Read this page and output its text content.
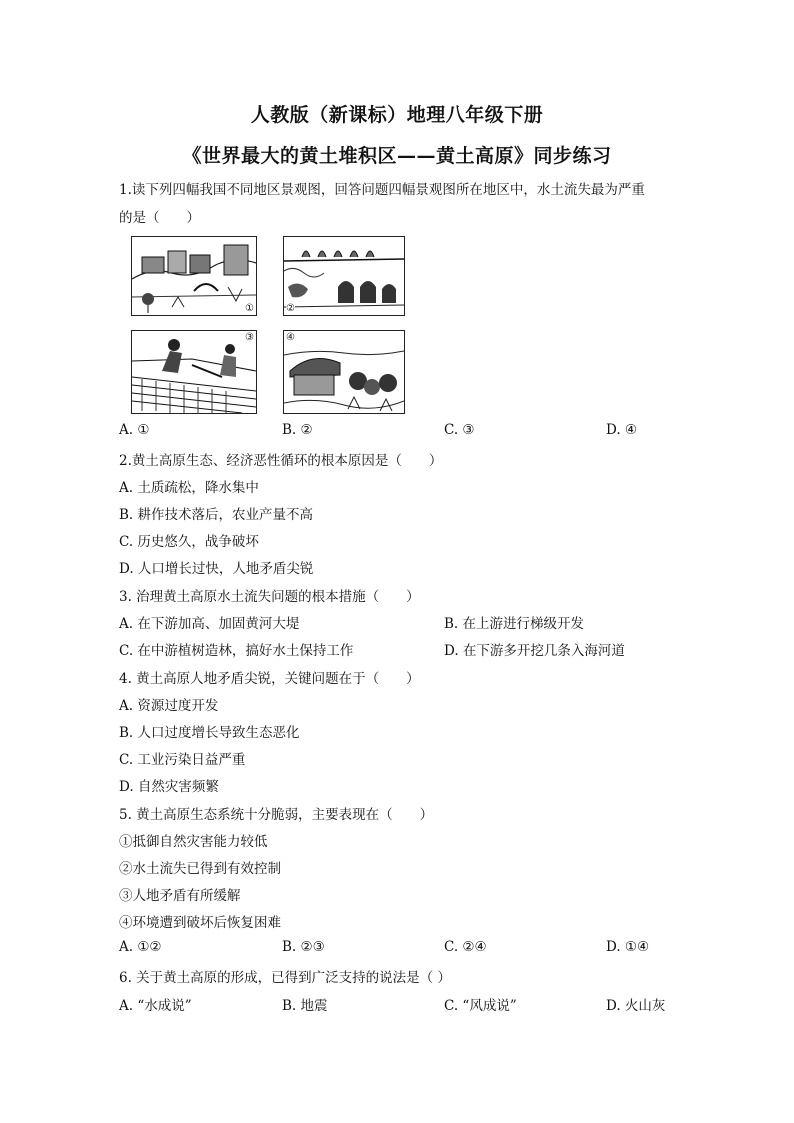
人教版（新课标）地理八年级下册
《世界最大的黄土堆积区——黄土高原》同步练习
1.读下列四幅我国不同地区景观图，回答问题四幅景观图所在地区中，水土流失最为严重
的是（　　）
①	②
③	④
A. ①	B. ②	C. ③	D. ④
2.黄土高原生态、经济恶性循环的根本原因是（　　）
A. 土质疏松，降水集中
B. 耕作技术落后，农业产量不高
C. 历史悠久，战争破坏
D. 人口增长过快，人地矛盾尖锐
3. 治理黄土高原水土流失问题的根本措施（　　）
A. 在下游加高、加固黄河大堤	B. 在上游进行梯级开发
C. 在中游植树造林，搞好水土保持工作	D. 在下游多开挖几条入海河道
4. 黄土高原人地矛盾尖锐，关键问题在于（　　）
A. 资源过度开发
B. 人口过度增长导致生态恶化
C. 工业污染日益严重
D. 自然灾害频繁
5. 黄土高原生态系统十分脆弱，主要表现在（　　）
①抵御自然灾害能力较低
②水土流失已得到有效控制
③人地矛盾有所缓解
④环境遭到破坏后恢复困难
A. ①②	B. ②③	C. ②④	D. ①④
6. 关于黄土高原的形成，已得到广泛支持的说法是（ ）
A. “水成说”	B. 地震	C. “风成说”	D. 火山灰
